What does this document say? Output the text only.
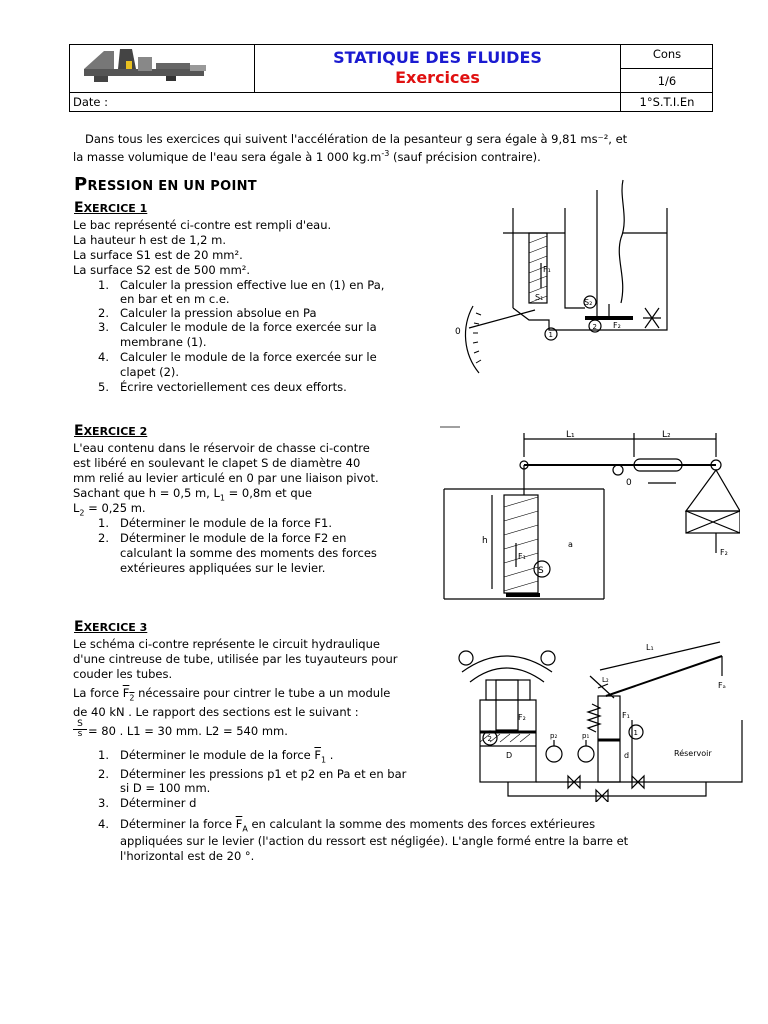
STATIQUE DES FLUIDES
Exercices
Cons
1/6
Date :	1°S.T.I.En
Dans tous les exercices qui suivent l'accélération de la pesanteur g sera égale à 9,81 ms⁻², et
la masse volumique de l'eau sera égale à 1 000 $kg.m^{-3}$ (sauf précision contraire).
PRESSION EN UN POINT
EXERCICE 1
Le bac représenté ci-contre est rempli d'eau.
La hauteur h est de 1,2 m.
La surface S1 est de 20 mm².
La surface S2 est de 500 mm².
1. Calculer la pression effective lue en (1) en Pa,
en bar et en m c.e.
2. Calculer la pression absolue en Pa
3. Calculer le module de la force exercée sur la
membrane (1).
4. Calculer le module de la force exercée sur le
clapet (2).
5. Écrire vectoriellement ces deux efforts.
F₁
S₁
S₂
F₂
1
2
0
EXERCICE 2
L'eau contenu dans le réservoir de chasse ci-contre
est libéré en soulevant le clapet S de diamètre 40
mm relié au levier articulé en 0 par une liaison pivot.
Sachant que h = 0,5 m, $L_1 = 0,8m$ et que
$L_2 = 0,25$ m.
1. Déterminer le module de la force F1.
2. Déterminer le module de la force F2 en
calculant la somme des moments des forces
extérieures appliquées sur le levier.
L₁	L₂
0
h
S
F₁	F₂
a
EXERCICE 3
Le schéma ci-contre représente le circuit hydraulique
d'une cintreuse de tube, utilisée par les tuyauteurs pour
couder les tubes.
La force $\overline{F}_2$ nécessaire pour cintrer le tube a un module
de 40 kN . Le rapport des sections est le suivant :
S
s = 80 . L1 = 30 mm. L2 = 540 mm.
1. Déterminer le module de la force $\overline{F}_1$ .
2. Déterminer les pressions p1 et p2 en Pa et en bar
si D = 100 mm.
3. Déterminer d
4. Déterminer la force $\overline{F}_A$ en calculant la somme des moments des forces extérieures
appliquées sur le levier (l'action du ressort est négligée). L'angle formé entre la barre et
l'horizontal est de 20 °.
L₁
L₂
Fₐ
F₁
F₂
1
2
D	d
p₁
p₂
Réservoir
